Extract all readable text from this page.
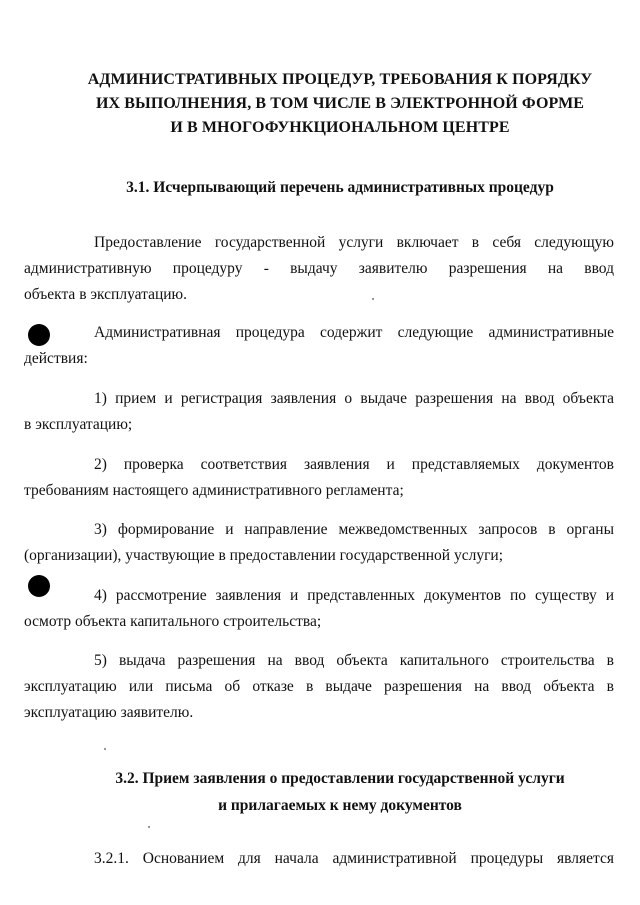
АДМИНИСТРАТИВНЫХ ПРОЦЕДУР, ТРЕБОВАНИЯ К ПОРЯДКУ
ИХ ВЫПОЛНЕНИЯ, В ТОМ ЧИСЛЕ В ЭЛЕКТРОННОЙ ФОРМЕ
И В МНОГОФУНКЦИОНАЛЬНОМ ЦЕНТРЕ
3.1. Исчерпывающий перечень административных процедур
Предоставление государственной услуги включает в себя следующую
административную процедуру - выдачу заявителю разрешения на ввод
объекта в эксплуатацию.
Административная процедура содержит следующие административные
действия:
1) прием и регистрация заявления о выдаче разрешения на ввод объекта
в эксплуатацию;
2) проверка соответствия заявления и представляемых документов
требованиям настоящего административного регламента;
3) формирование и направление межведомственных запросов в органы
(организации), участвующие в предоставлении государственной услуги;
4) рассмотрение заявления и представленных документов по существу и
осмотр объекта капитального строительства;
5) выдача разрешения на ввод объекта капитального строительства в
эксплуатацию или письма об отказе в выдаче разрешения на ввод объекта в
эксплуатацию заявителю.
3.2. Прием заявления о предоставлении государственной услуги
и прилагаемых к нему документов
3.2.1. Основанием для начала административной процедуры является
